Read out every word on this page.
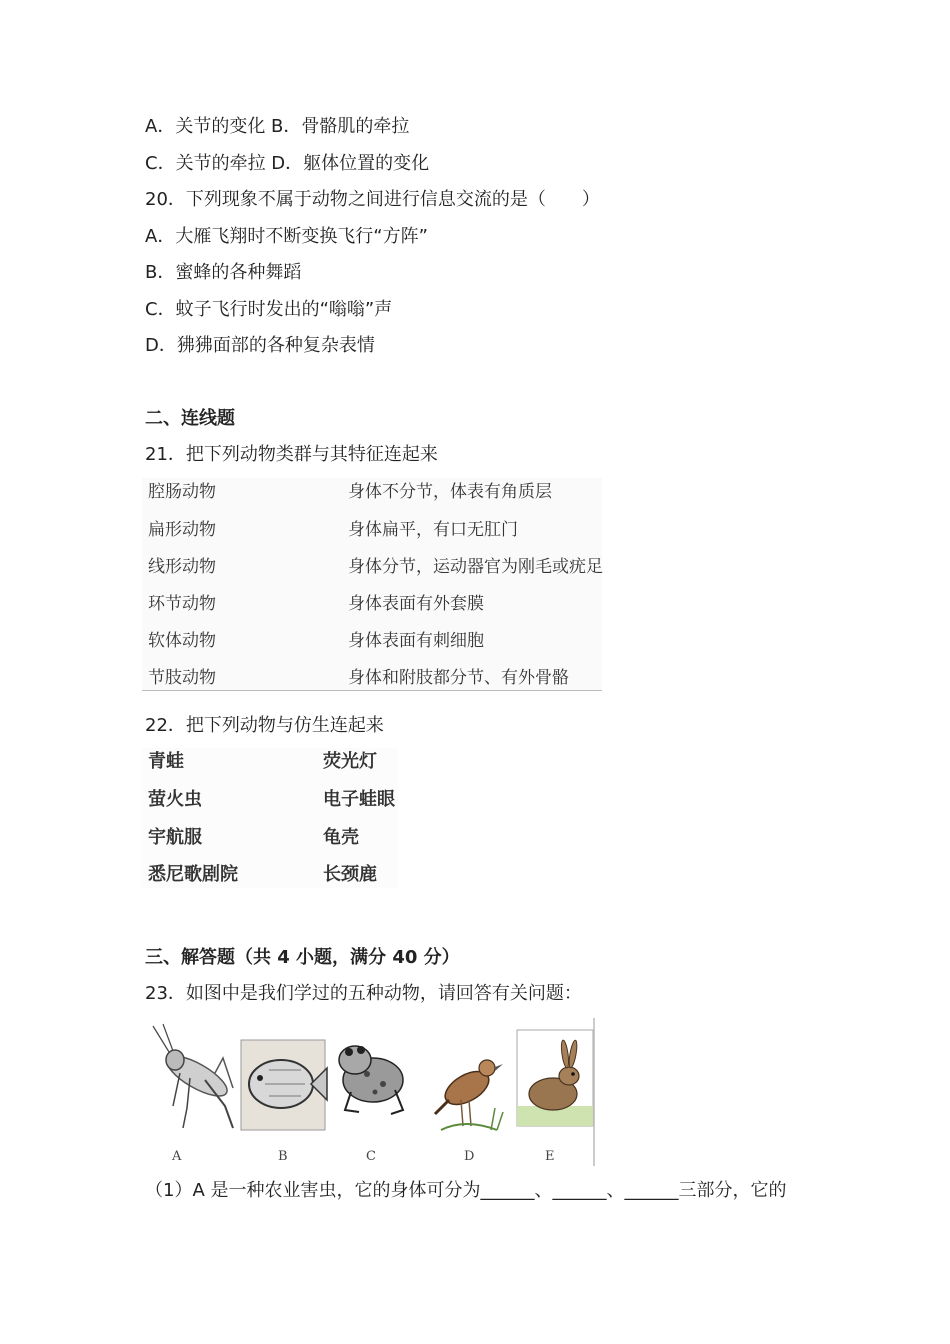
A．关节的变化 B．骨骼肌的牵拉
C．关节的牵拉 D．躯体位置的变化
20．下列现象不属于动物之间进行信息交流的是（　　）
A．大雁飞翔时不断变换飞行“方阵”
B．蜜蜂的各种舞蹈
C．蚊子飞行时发出的“嗡嗡”声
D．狒狒面部的各种复杂表情
二、连线题
21．把下列动物类群与其特征连起来
腔肠动物	身体不分节，体表有角质层
扁形动物	身体扁平，有口无肛门
线形动物	身体分节，运动器官为刚毛或疣足
环节动物	身体表面有外套膜
软体动物	身体表面有刺细胞
节肢动物	身体和附肢都分节、有外骨骼
22．把下列动物与仿生连起来
青蛙	荧光灯
萤火虫	电子蛙眼
宇航服	龟壳
悉尼歌剧院	长颈鹿
三、解答题（共 4 小题，满分 40 分）
23．如图中是我们学过的五种动物，请回答有关问题：
A	B	C	D	E
（1）A 是一种农业害虫，它的身体可分为______、______、______三部分，它的
